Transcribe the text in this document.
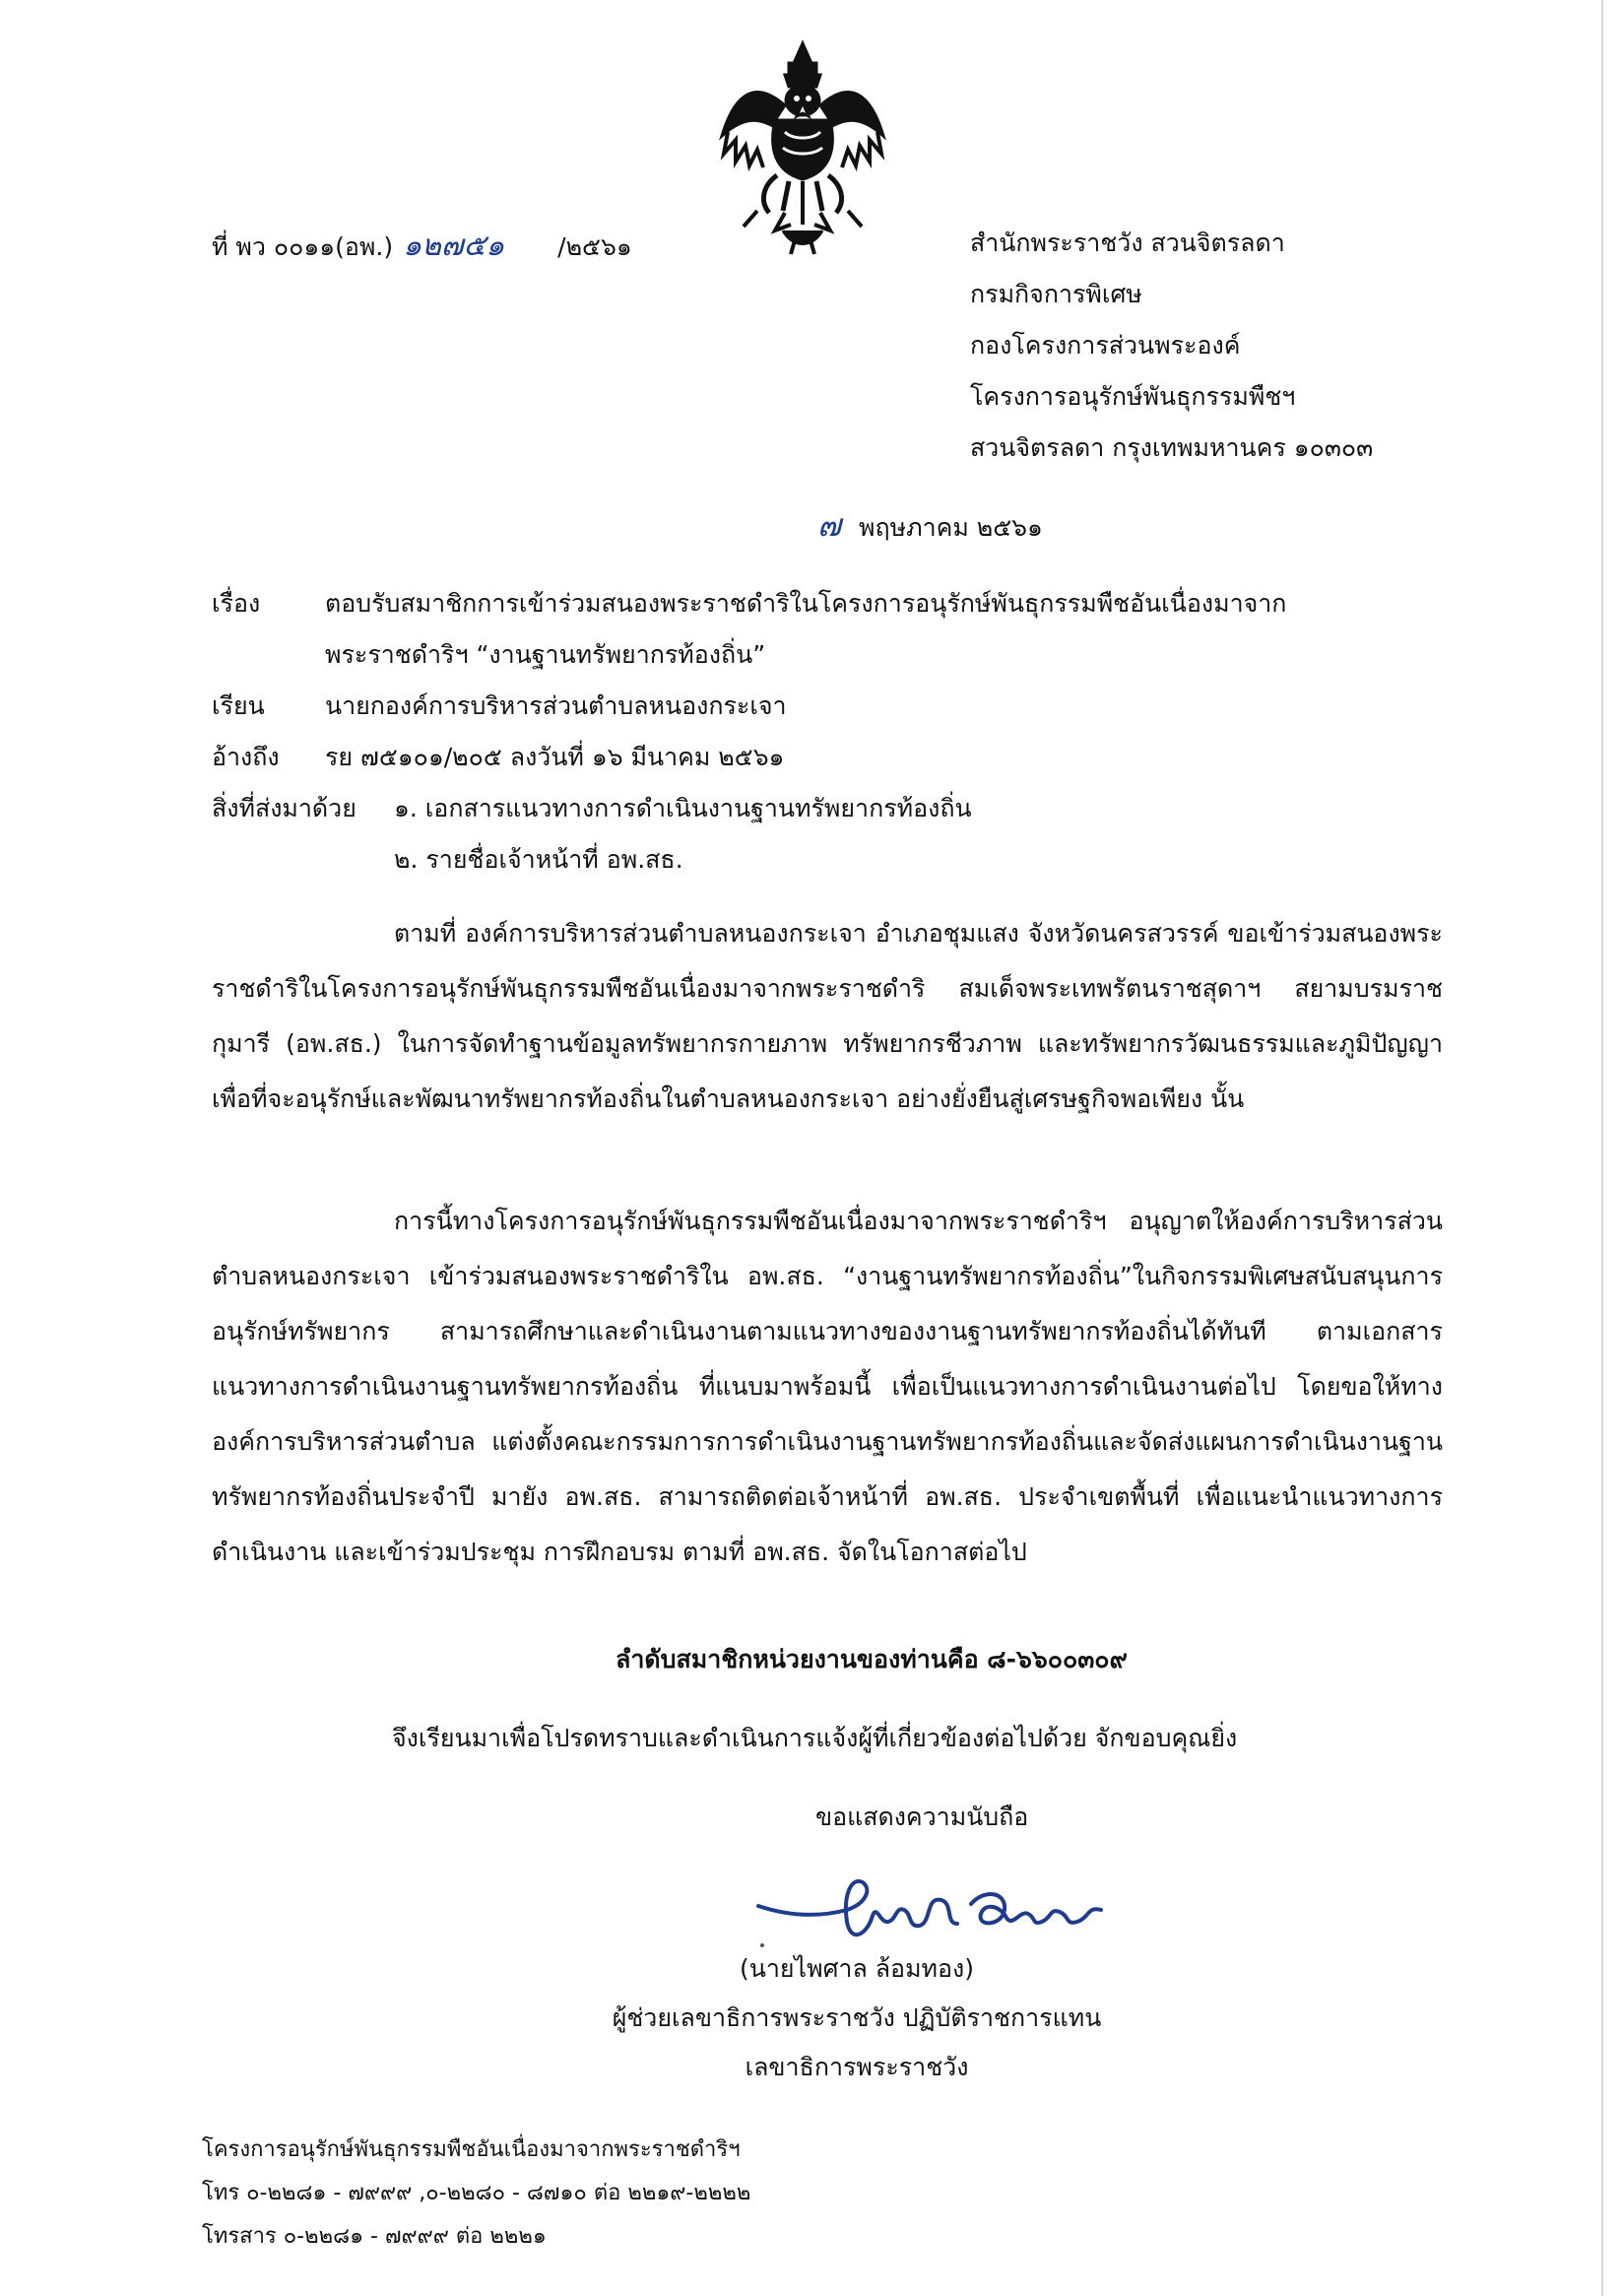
ที่ พว ๐๐๑๑(อพ.) ๑๒๗๕๑ /๒๕๖๑	สำนักพระราชวัง สวนจิตรลดา
กรมกิจการพิเศษ
กองโครงการส่วนพระองค์
โครงการอนุรักษ์พันธุกรรมพืชฯ
สวนจิตรลดา กรุงเทพมหานคร ๑๐๓๐๓
๗ พฤษภาคม ๒๕๖๑
เรื่อง	ตอบรับสมาชิกการเข้าร่วมสนองพระราชดำริในโครงการอนุรักษ์พันธุกรรมพืชอันเนื่องมาจาก
พระราชดำริฯ “งานฐานทรัพยากรท้องถิ่น”
เรียน นายกองค์การบริหารส่วนตำบลหนองกระเจา
อ้างถึง รย ๗๕๑๐๑/๒๐๕ ลงวันที่ ๑๖ มีนาคม ๒๕๖๑
สิ่งที่ส่งมาด้วย ๑. เอกสารแนวทางการดำเนินงานฐานทรัพยากรท้องถิ่น
๒. รายชื่อเจ้าหน้าที่ อพ.สธ.

ตามที่ องค์การบริหารส่วนตำบลหนองกระเจา อำเภอชุมแสง จังหวัดนครสวรรค์ ขอเข้าร่วมสนองพระราชดำริในโครงการอนุรักษ์พันธุกรรมพืชอันเนื่องมาจากพระราชดำริ สมเด็จพระเทพรัตนราชสุดาฯ สยามบรมราชกุมารี (อพ.สธ.) ในการจัดทำฐานข้อมูลทรัพยากรกายภาพ ทรัพยากรชีวภาพ และทรัพยากรวัฒนธรรมและภูมิปัญญา เพื่อที่จะอนุรักษ์และพัฒนาทรัพยากรท้องถิ่นในตำบลหนองกระเจา อย่างยั่งยืนสู่เศรษฐกิจพอเพียง นั้น

การนี้ทางโครงการอนุรักษ์พันธุกรรมพืชอันเนื่องมาจากพระราชดำริฯ อนุญาตให้องค์การบริหารส่วนตำบลหนองกระเจา เข้าร่วมสนองพระราชดำริใน อพ.สธ. “งานฐานทรัพยากรท้องถิ่น”ในกิจกรรมพิเศษสนับสนุนการอนุรักษ์ทรัพยากร สามารถศึกษาและดำเนินงานตามแนวทางของงานฐานทรัพยากรท้องถิ่นได้ทันที ตามเอกสารแนวทางการดำเนินงานฐานทรัพยากรท้องถิ่น ที่แนบมาพร้อมนี้ เพื่อเป็นแนวทางการดำเนินงานต่อไป โดยขอให้ทางองค์การบริหารส่วนตำบล แต่งตั้งคณะกรรมการการดำเนินงานฐานทรัพยากรท้องถิ่นและจัดส่งแผนการดำเนินงานฐานทรัพยากรท้องถิ่นประจำปี มายัง อพ.สธ. สามารถติดต่อเจ้าหน้าที่ อพ.สธ. ประจำเขตพื้นที่ เพื่อแนะนำแนวทางการดำเนินงาน และเข้าร่วมประชุม การฝึกอบรม ตามที่ อพ.สธ. จัดในโอกาสต่อไป

ลำดับสมาชิกหน่วยงานของท่านคือ ๘-๖๖๐๐๓๐๙
จึงเรียนมาเพื่อโปรดทราบและดำเนินการแจ้งผู้ที่เกี่ยวข้องต่อไปด้วย จักขอบคุณยิ่ง
ขอแสดงความนับถือ
(นายไพศาล ล้อมทอง)
ผู้ช่วยเลขาธิการพระราชวัง ปฏิบัติราชการแทน
เลขาธิการพระราชวัง
โครงการอนุรักษ์พันธุกรรมพืชอันเนื่องมาจากพระราชดำริฯ
โทร ๐-๒๒๘๑ - ๗๙๙๙ ,๐-๒๒๘๐ - ๘๗๑๐ ต่อ ๒๒๑๙-๒๒๒๒
โทรสาร ๐-๒๒๘๑ - ๗๙๙๙ ต่อ ๒๒๒๑
